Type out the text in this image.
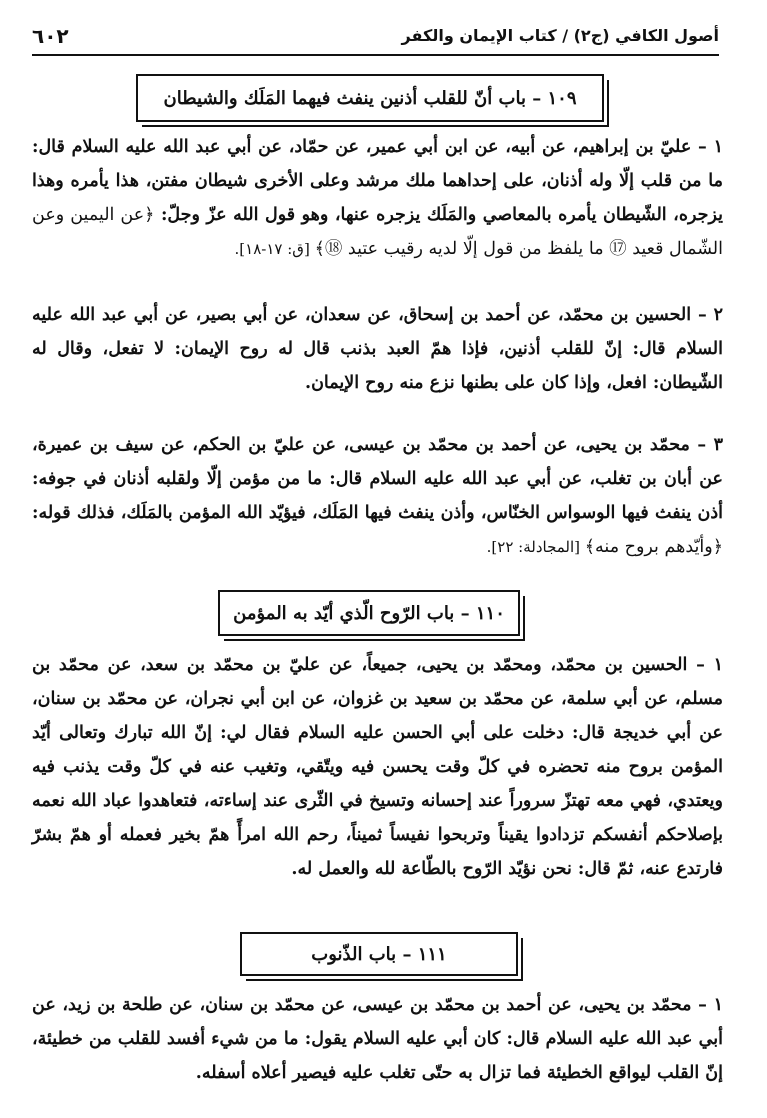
أصول الكافي (ج٢) / كتاب الإيمان والكفر
٦٠٢
١٠٩ – باب أنّ للقلب أذنين ينفث فيهما المَلَك والشيطان
١ – عليّ بن إبراهيم، عن أبيه، عن ابن أبي عمير، عن حمّاد، عن أبي عبد الله عليه السلام قال: ما من قلب إلّا وله أذنان، على إحداهما ملك مرشد وعلى الأخرى شيطان مفتن، هذا يأمره وهذا يزجره، الشّيطان يأمره بالمعاصي والمَلَك يزجره عنها، وهو قول الله عزّ وجلّ: ﴿عن اليمين وعن الشّمال قعيد ⑰ ما يلفظ من قول إلّا لديه رقيب عتيد ⑱﴾ [ق: ١٧-١٨].
٢ – الحسين بن محمّد، عن أحمد بن إسحاق، عن سعدان، عن أبي بصير، عن أبي عبد الله عليه السلام قال: إنّ للقلب أذنين، فإذا همّ العبد بذنب قال له روح الإيمان: لا تفعل، وقال له الشّيطان: افعل، وإذا كان على بطنها نزع منه روح الإيمان.
٣ – محمّد بن يحيى، عن أحمد بن محمّد بن عيسى، عن عليّ بن الحكم، عن سيف بن عميرة، عن أبان بن تغلب، عن أبي عبد الله عليه السلام قال: ما من مؤمن إلّا ولقلبه أذنان في جوفه: أذن ينفث فيها الوسواس الخنّاس، وأذن ينفث فيها المَلَك، فيؤيّد الله المؤمن بالمَلَك، فذلك قوله: ﴿وأيّدهم بروح منه﴾ [المجادلة: ٢٢].
١١٠ – باب الرّوح الّذي أيّد به المؤمن
١ – الحسين بن محمّد، ومحمّد بن يحيى، جميعاً، عن عليّ بن محمّد بن سعد، عن محمّد بن مسلم، عن أبي سلمة، عن محمّد بن سعيد بن غزوان، عن ابن أبي نجران، عن محمّد بن سنان، عن أبي خديجة قال: دخلت على أبي الحسن عليه السلام فقال لي: إنّ الله تبارك وتعالى أيّد المؤمن بروح منه تحضره في كلّ وقت يحسن فيه ويتّقي، وتغيب عنه في كلّ وقت يذنب فيه ويعتدي، فهي معه تهتزّ سروراً عند إحسانه وتسيخ في الثّرى عند إساءته، فتعاهدوا عباد الله نعمه بإصلاحكم أنفسكم تزدادوا يقيناً وتربحوا نفيساً ثميناً، رحم الله امرأً همّ بخير فعمله أو همّ بشرّ فارتدع عنه، ثمّ قال: نحن نؤيّد الرّوح بالطّاعة لله والعمل له.
١١١ – باب الذّنوب
١ – محمّد بن يحيى، عن أحمد بن محمّد بن عيسى، عن محمّد بن سنان، عن طلحة بن زيد، عن أبي عبد الله عليه السلام قال: كان أبي عليه السلام يقول: ما من شيء أفسد للقلب من خطيئة، إنّ القلب ليواقع الخطيئة فما تزال به حتّى تغلب عليه فيصير أعلاه أسفله.
